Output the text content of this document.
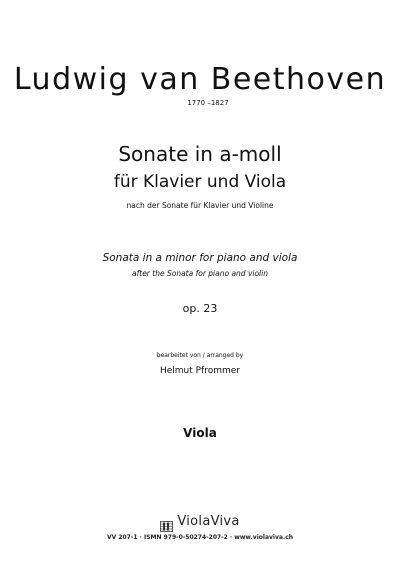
Ludwig van Beethoven
1770 –1827
Sonate in a-moll
für Klavier und Viola
nach der Sonate für Klavier und Violine
Sonata in a minor for piano and viola
after the Sonata for piano and violin
op. 23
bearbeitet von / arranged by
Helmut Pfrommer
Viola
ViolaViva
VV 207-1 · ISMN 979-0-50274-207-2 · www.violaviva.ch
